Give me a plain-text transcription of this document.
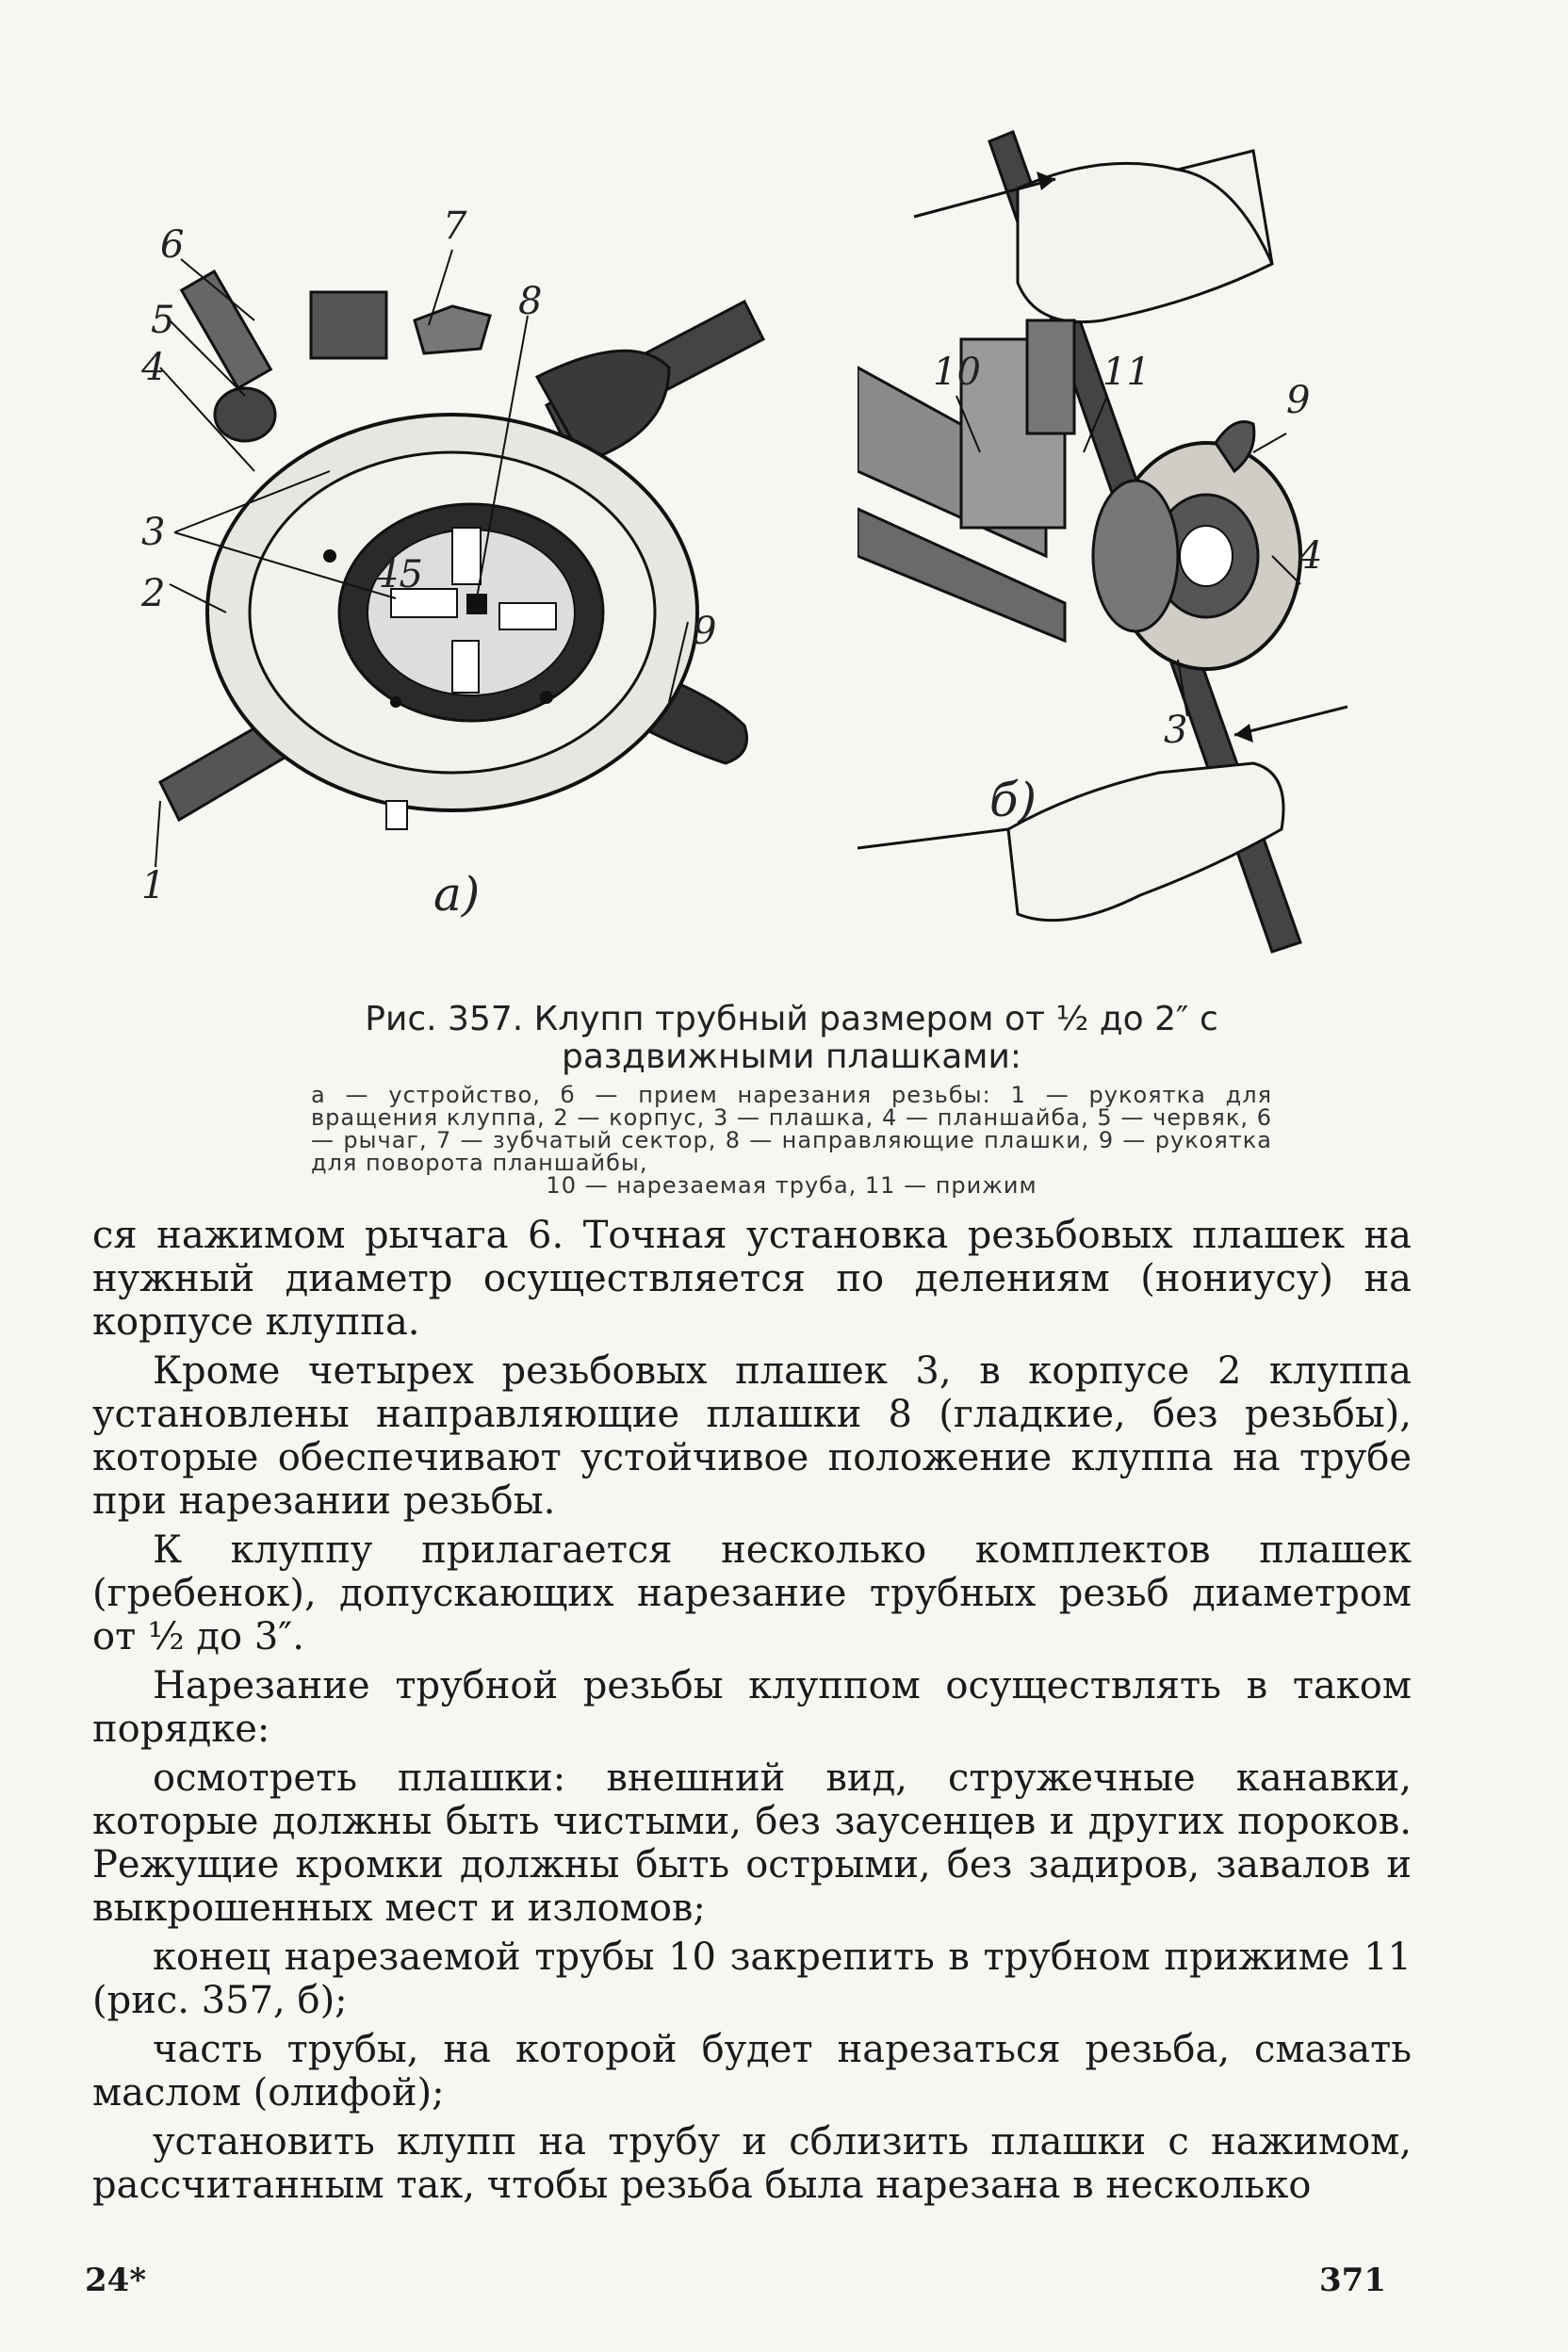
45
1
2
3
4
5
6	7
8
9
а)
10	11
9
4
3
б)
Рис. 357. Клупп трубный размером от ½ до 2″ с раздвижными плашками:
а — устройство, б — прием нарезания резьбы: 1 — рукоятка для вращения клуппа, 2 — корпус, 3 — плашка, 4 — планшайба, 5 — червяк, 6 — рычаг, 7 — зубчатый сектор, 8 — направляющие плашки, 9 — рукоятка для поворота планшайбы,
10 — нарезаемая труба, 11 — прижим

ся нажимом рычага 6. Точная установка резьбовых плашек на нужный диаметр осуществляется по делениям (нониусу) на корпусе клуппа.

Кроме четырех резьбовых плашек 3, в корпусе 2 клуппа установлены направляющие плашки 8 (гладкие, без резьбы), которые обеспечивают устойчивое положение клуппа на трубе при нарезании резьбы.

К клуппу прилагается несколько комплектов плашек (гребенок), допускающих нарезание трубных резьб диаметром от ½ до 3″.

Нарезание трубной резьбы клуппом осуществлять в таком порядке:

осмотреть плашки: внешний вид, стружечные канавки, которые должны быть чистыми, без заусенцев и других пороков. Режущие кромки должны быть острыми, без задиров, завалов и выкрошенных мест и изломов;

конец нарезаемой трубы 10 закрепить в трубном прижиме 11 (рис. 357, б);

часть трубы, на которой будет нарезаться резьба, смазать маслом (олифой);

установить клупп на трубу и сблизить плашки с нажимом, рассчитанным так, чтобы резьба была нарезана в несколько

24*	371
